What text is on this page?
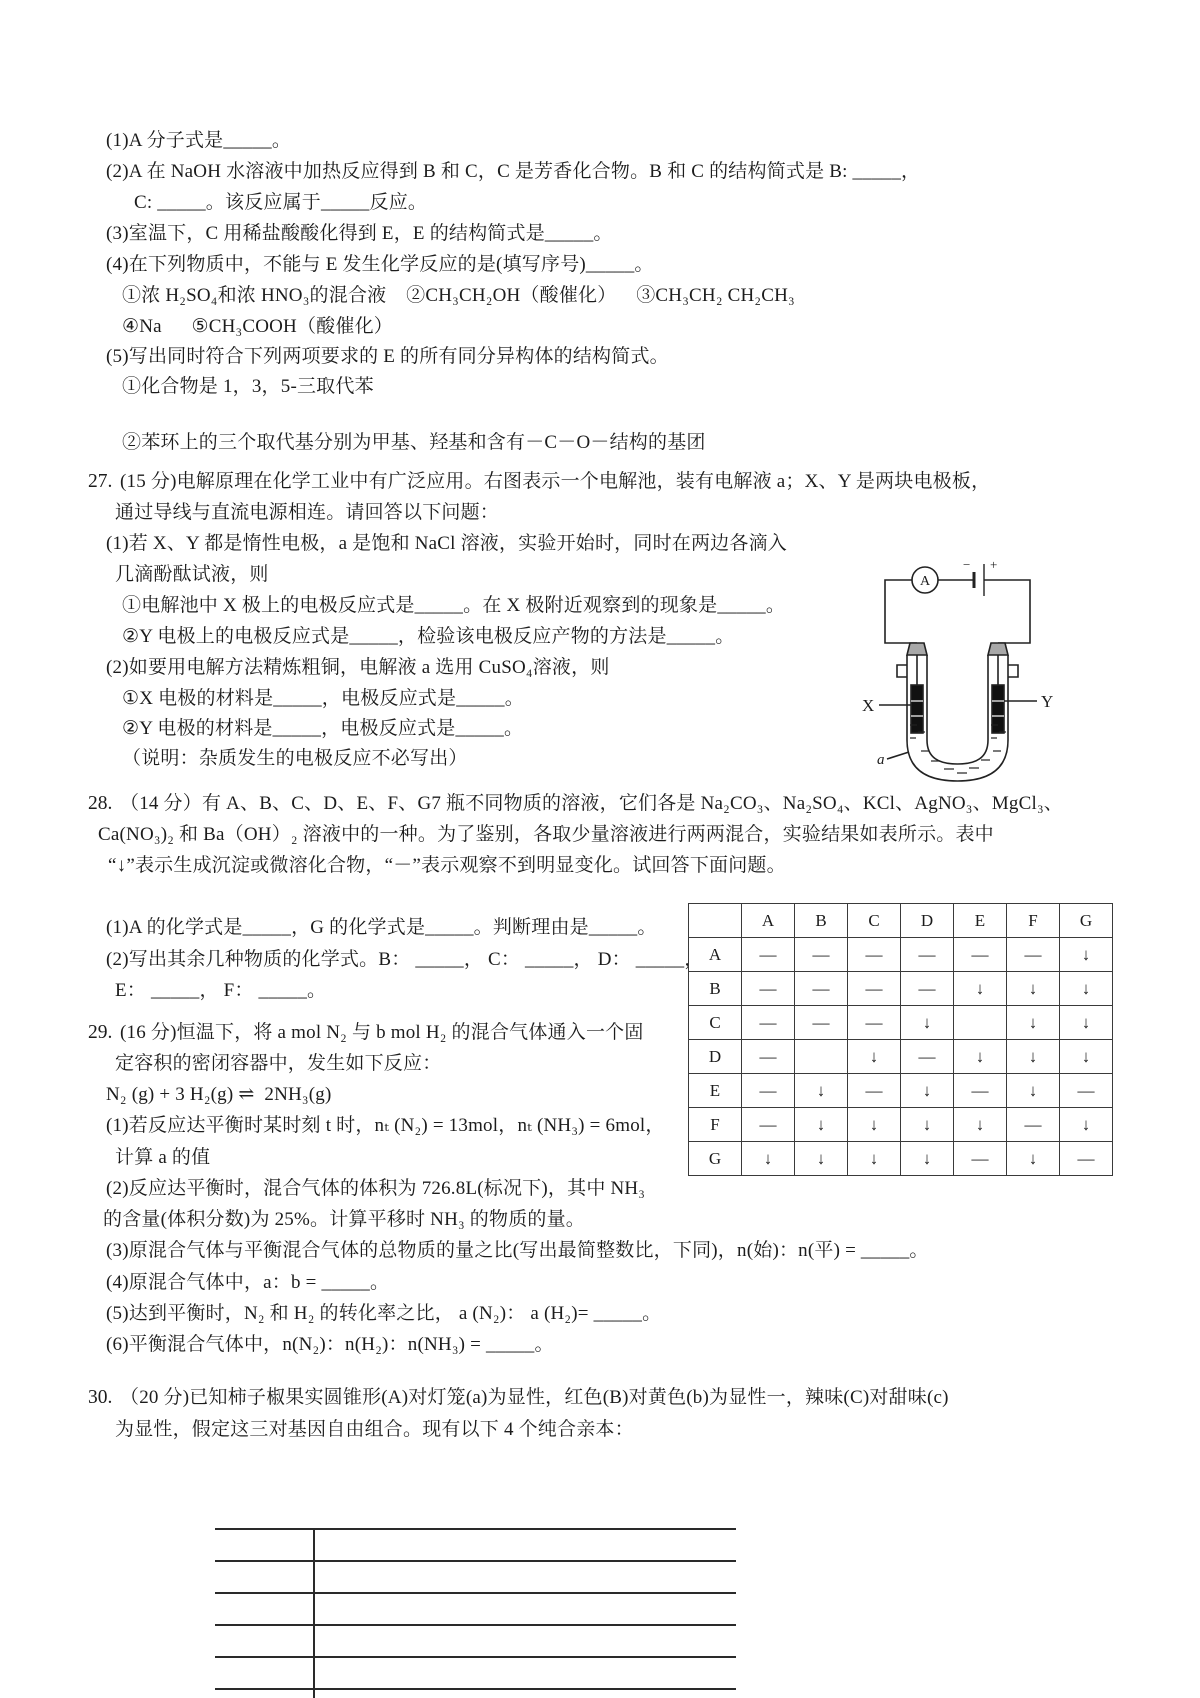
(1)A 分子式是_____。
(2)A 在 NaOH 水溶液中加热反应得到 B 和 C，C 是芳香化合物。B 和 C 的结构简式是 B: _____，
C: _____。该反应属于_____反应。
(3)室温下，C 用稀盐酸酸化得到 E，E 的结构简式是_____。
(4)在下列物质中，不能与 E 发生化学反应的是(填写序号)_____。
①浓 H₂SO₄和浓 HNO₃的混合液    ②CH₃CH₂OH（酸催化）    ③CH₃CH₂ CH₂CH₃
④Na      ⑤CH₃COOH（酸催化）
(5)写出同时符合下列两项要求的 E 的所有同分异构体的结构简式。
①化合物是 1，3，5-三取代苯
②苯环上的三个取代基分别为甲基、羟基和含有－C－O－结构的基团
27. (15 分)电解原理在化学工业中有广泛应用。右图表示一个电解池，装有电解液 a；X、Y 是两块电极板，
通过导线与直流电源相连。请回答以下问题：
(1)若 X、Y 都是惰性电极，a 是饱和 NaCl 溶液，实验开始时，同时在两边各滴入
几滴酚酞试液，则
①电解池中 X 极上的电极反应式是_____。在 X 极附近观察到的现象是_____。
②Y 电极上的电极反应式是_____，检验该电极反应产物的方法是_____。
(2)如要用电解方法精炼粗铜，电解液 a 选用 CuSO₄溶液，则
①X 电极的材料是_____，电极反应式是_____。
②Y 电极的材料是_____，电极反应式是_____。
（说明：杂质发生的电极反应不必写出）
A
− +
X	Y
a
28. （14 分）有 A、B、C、D、E、F、G7 瓶不同物质的溶液，它们各是 Na₂CO₃、Na₂SO₄、KCl、AgNO₃、MgCl₃、
Ca(NO₃)₂ 和 Ba（OH）₂ 溶液中的一种。为了鉴别，各取少量溶液进行两两混合，实验结果如表所示。表中
“↓”表示生成沉淀或微溶化合物，“－”表示观察不到明显变化。试回答下面问题。
(1)A 的化学式是_____，G 的化学式是_____。判断理由是_____。
(2)写出其余几种物质的化学式。B： _____， C： _____， D： _____，
E： _____， F： _____。
	A	B	C	D	E	F	G
A	—	—	—	—	—	—	↓
B	—	—	—	—	↓	↓	↓
C	—	—	—	↓		↓	↓
D	—		↓	—	↓	↓	↓
E	—	↓	—	↓	—	↓	—
F	—	↓	↓	↓	↓	—	↓
G	↓	↓	↓	↓	—	↓	—
29. (16 分)恒温下，将 a mol N₂ 与 b mol H₂ 的混合气体通入一个固
定容积的密闭容器中，发生如下反应：
N₂ (g) + 3 H₂(g) ⇌  2NH₃(g)
(1)若反应达平衡时某时刻 t 时，nₜ (N₂) = 13mol，nₜ (NH₃) = 6mol，
计算 a 的值
(2)反应达平衡时，混合气体的体积为 726.8L(标况下)，其中 NH₃
的含量(体积分数)为 25%。计算平移时 NH₃ 的物质的量。
(3)原混合气体与平衡混合气体的总物质的量之比(写出最简整数比，下同)，n(始)：n(平) = _____。
(4)原混合气体中，a：b = _____。
(5)达到平衡时，N₂ 和 H₂ 的转化率之比， a (N₂)： a (H₂)= _____。
(6)平衡混合气体中，n(N₂)：n(H₂)：n(NH₃) = _____。
30. （20 分)已知柿子椒果实圆锥形(A)对灯笼(a)为显性，红色(B)对黄色(b)为显性一，辣味(C)对甜味(c)
为显性，假定这三对基因自由组合。现有以下 4 个纯合亲本：
